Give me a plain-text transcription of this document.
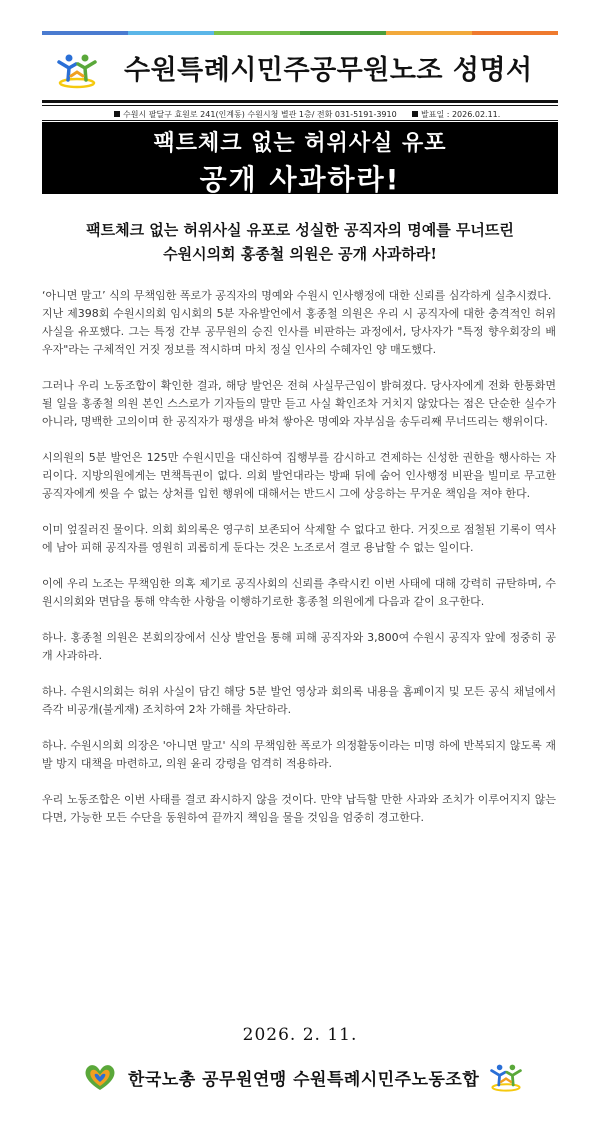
수원특례시민주공무원노조 성명서
수원시 팔달구 효원로 241(인계동) 수원시청 별관 1층/ 전화 031-5191-3910	발표일 : 2026.02.11.
팩트체크 없는 허위사실 유포
공개 사과하라!
팩트체크 없는 허위사실 유포로 성실한 공직자의 명예를 무너뜨린
수원시의회 홍종철 의원은 공개 사과하라!

‘아니면 말고’ 식의 무책임한 폭로가 공직자의 명예와 수원시 인사행정에 대한 신뢰를 심각하게 실추시켰다.

지난 제398회 수원시의회 임시회의 5분 자유발언에서 홍종철 의원은 우리 시 공직자에 대한 충격적인 허위 사실을 유포했다. 그는 특정 간부 공무원의 승진 인사를 비판하는 과정에서, 당사자가 "특정 향우회장의 배우자"라는 구체적인 거짓 정보를 적시하며 마치 정실 인사의 수혜자인 양 매도했다.

그러나 우리 노동조합이 확인한 결과, 해당 발언은 전혀 사실무근임이 밝혀졌다. 당사자에게 전화 한통화면 될 일을 홍종철 의원 본인 스스로가 기자들의 말만 듣고 사실 확인조차 거치지 않았다는 점은 단순한 실수가 아니라, 명백한 고의이며 한 공직자가 평생을 바쳐 쌓아온 명예와 자부심을 송두리째 무너뜨리는 행위이다.

시의원의 5분 발언은 125만 수원시민을 대신하여 집행부를 감시하고 견제하는 신성한 권한을 행사하는 자리이다. 지방의원에게는 면책특권이 없다. 의회 발언대라는 방패 뒤에 숨어 인사행정 비판을 빌미로 무고한 공직자에게 씻을 수 없는 상처를 입힌 행위에 대해서는 반드시 그에 상응하는 무거운 책임을 져야 한다.

이미 엎질러진 물이다. 의회 회의록은 영구히 보존되어 삭제할 수 없다고 한다. 거짓으로 점철된 기록이 역사에 남아 피해 공직자를 영원히 괴롭히게 둔다는 것은 노조로서 결코 용납할 수 없는 일이다.

이에 우리 노조는 무책임한 의혹 제기로 공직사회의 신뢰를 추락시킨 이번 사태에 대해 강력히 규탄하며, 수원시의회와 면담을 통해 약속한 사항을 이행하기로한 홍종철 의원에게 다음과 같이 요구한다.

하나. 홍종철 의원은 본회의장에서 신상 발언을 통해 피해 공직자와 3,800여 수원시 공직자 앞에 정중히 공개 사과하라.

하나. 수원시의회는 허위 사실이 담긴 해당 5분 발언 영상과 회의록 내용을 홈페이지 및 모든 공식 채널에서 즉각 비공개(불게재) 조치하여 2차 가해를 차단하라.

하나. 수원시의회 의장은 '아니면 말고' 식의 무책임한 폭로가 의정활동이라는 미명 하에 반복되지 않도록 재발 방지 대책을 마련하고, 의원 윤리 강령을 엄격히 적용하라.

우리 노동조합은 이번 사태를 결코 좌시하지 않을 것이다. 만약 납득할 만한 사과와 조치가 이루어지지 않는다면, 가능한 모든 수단을 동원하여 끝까지 책임을 물을 것임을 엄중히 경고한다.

2026. 2. 11.
한국노총 공무원연맹 수원특례시민주노동조합
